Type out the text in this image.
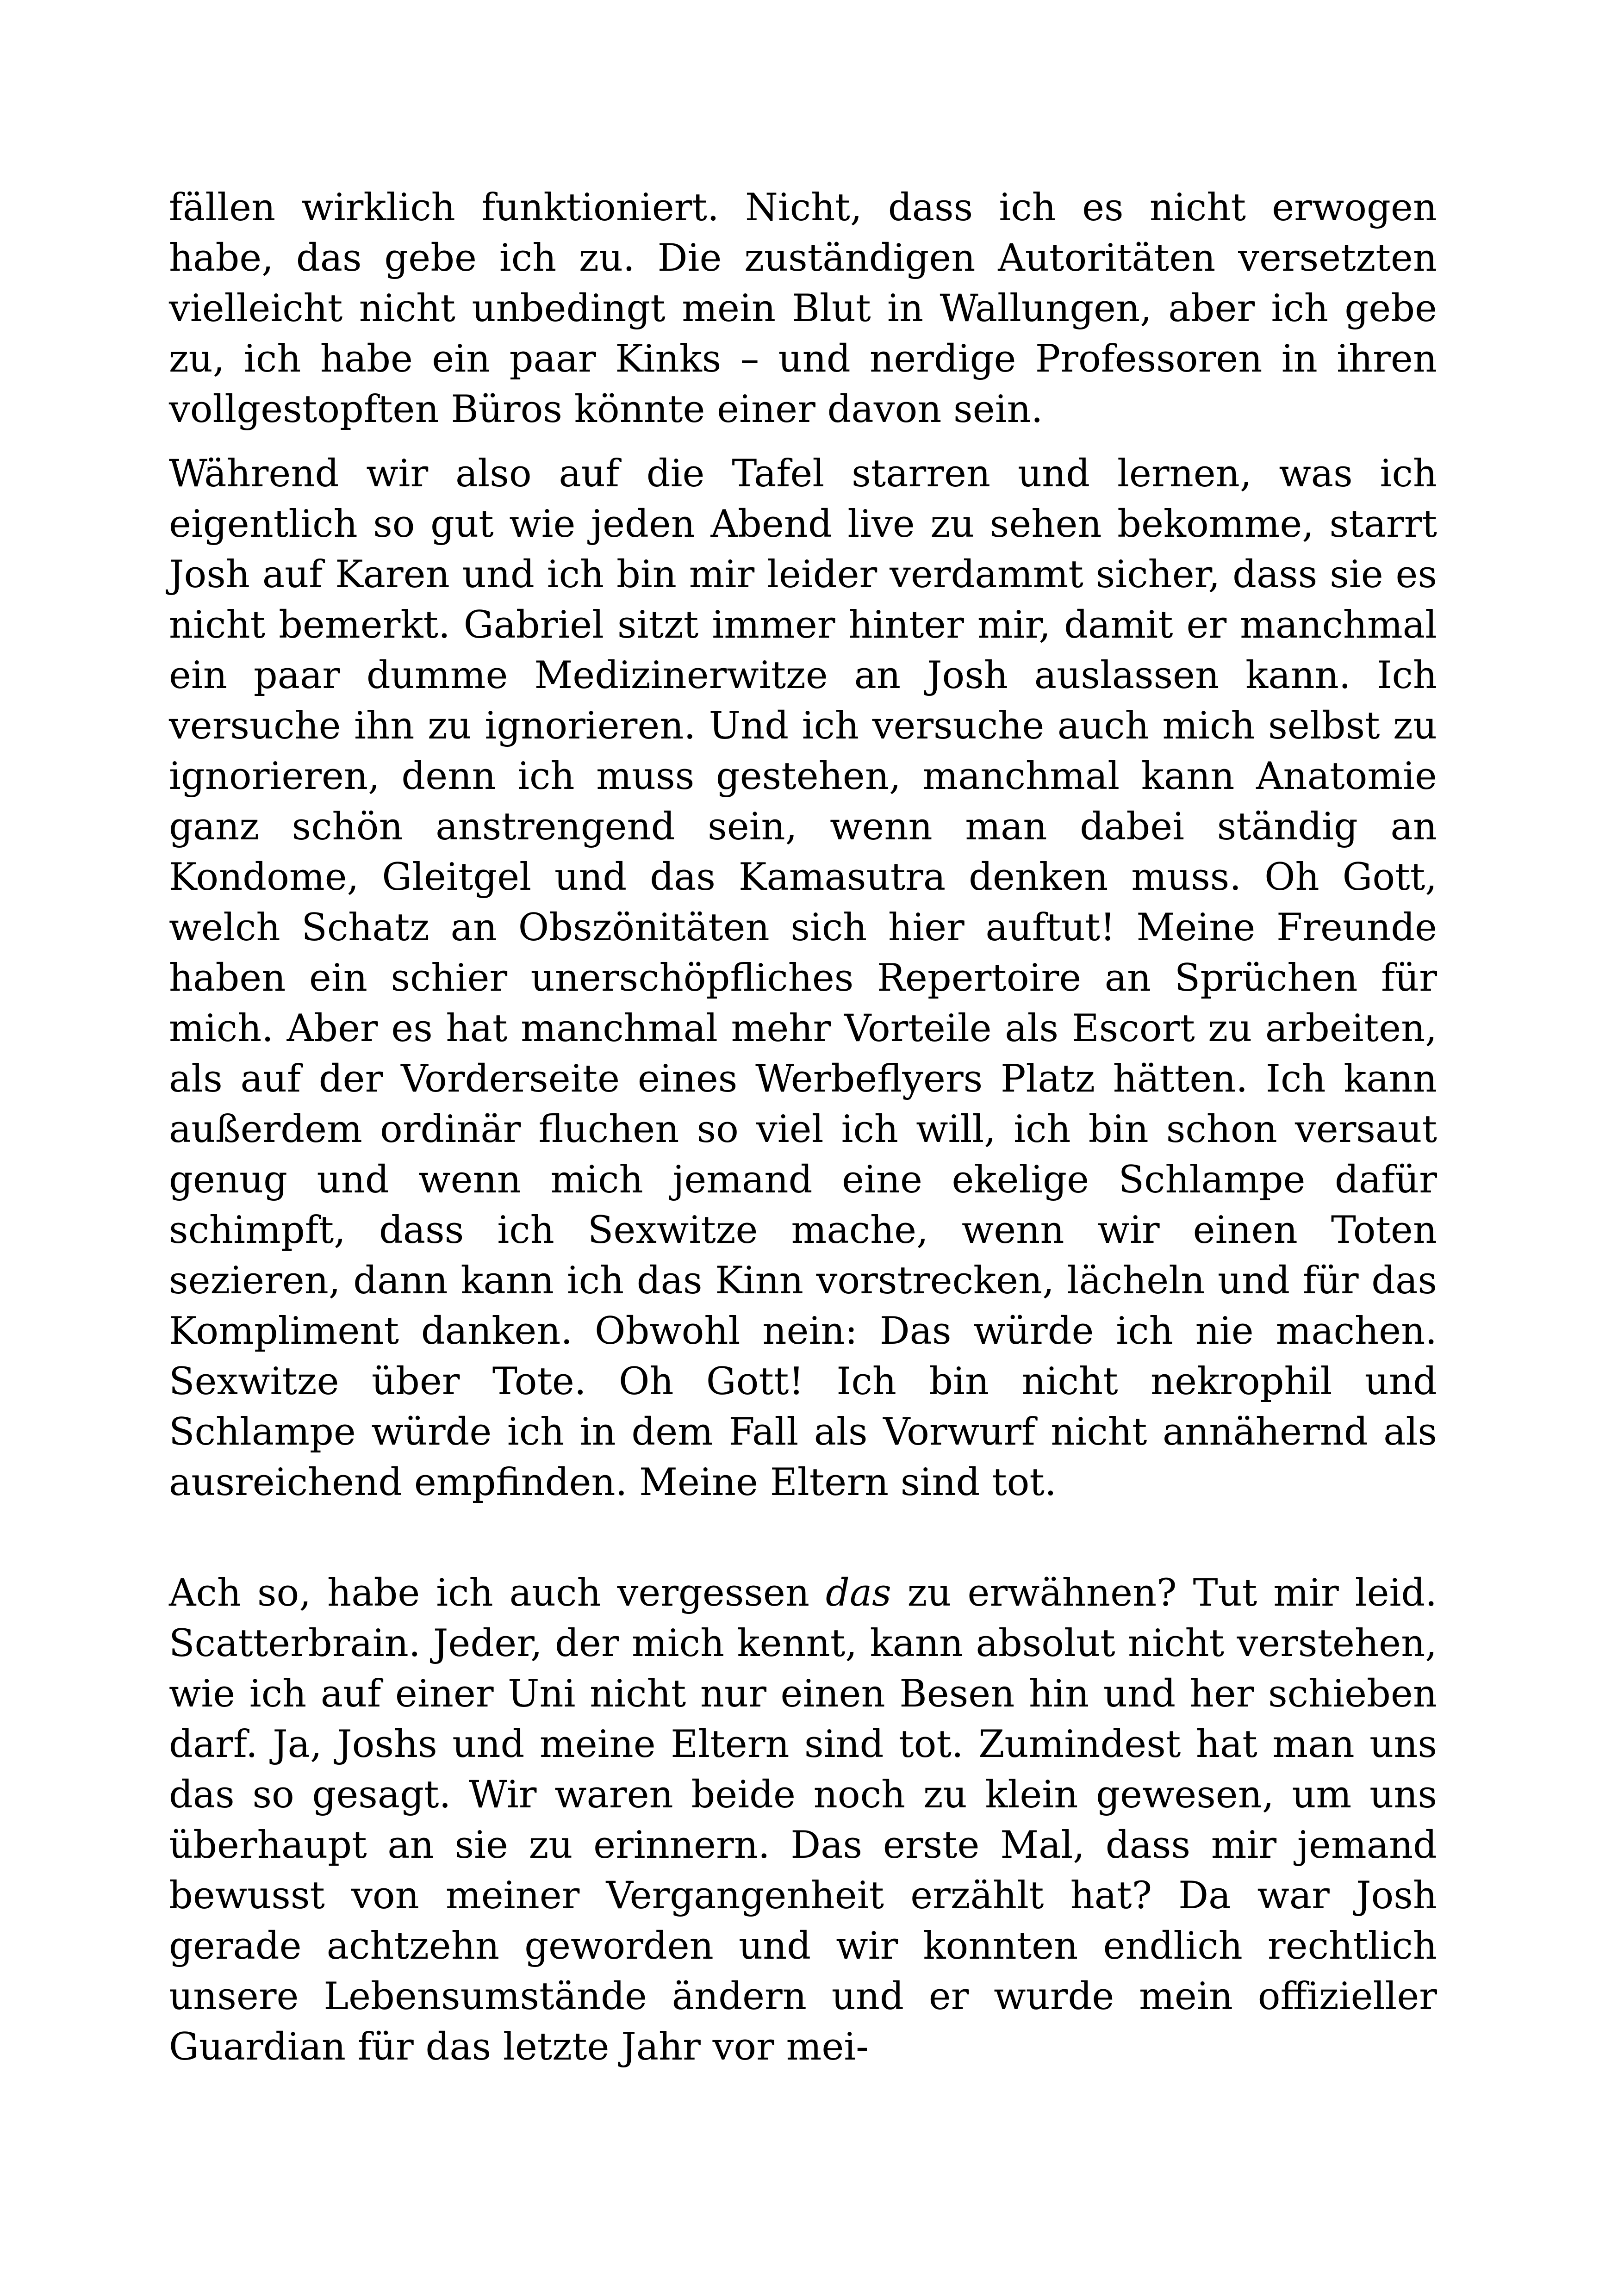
fällen wirklich funktioniert. Nicht, dass ich es nicht erwogen habe, das gebe ich zu. Die zuständigen Autoritäten versetzten vielleicht nicht unbedingt mein Blut in Wallungen, aber ich gebe zu, ich habe ein paar Kinks – und nerdige Professoren in ihren vollgestopften Büros könnte einer davon sein.

Während wir also auf die Tafel starren und lernen, was ich eigentlich so gut wie jeden Abend live zu sehen bekomme, starrt Josh auf Karen und ich bin mir leider verdammt sicher, dass sie es nicht bemerkt. Gabriel sitzt immer hinter mir, damit er manchmal ein paar dumme Medizinerwitze an Josh auslassen kann. Ich versuche ihn zu ignorieren. Und ich versuche auch mich selbst zu ignorieren, denn ich muss gestehen, manchmal kann Anatomie ganz schön anstrengend sein, wenn man dabei ständig an Kondome, Gleitgel und das Kamasutra denken muss. Oh Gott, welch Schatz an Obszönitäten sich hier auftut! Meine Freunde haben ein schier unerschöpfliches Repertoire an Sprüchen für mich. Aber es hat manchmal mehr Vorteile als Escort zu arbeiten, als auf der Vorderseite eines Werbeflyers Platz hätten. Ich kann außerdem ordinär fluchen so viel ich will, ich bin schon versaut genug und wenn mich jemand eine ekelige Schlampe dafür schimpft, dass ich Sexwitze mache, wenn wir einen Toten sezieren, dann kann ich das Kinn vorstrecken, lächeln und für das Kompliment danken. Obwohl nein: Das würde ich nie machen. Sexwitze über Tote. Oh Gott! Ich bin nicht nekrophil und Schlampe würde ich in dem Fall als Vorwurf nicht annähernd als ausreichend empfinden. Meine Eltern sind tot.

Ach so, habe ich auch vergessen das zu erwähnen? Tut mir leid. Scatterbrain. Jeder, der mich kennt, kann absolut nicht verstehen, wie ich auf einer Uni nicht nur einen Besen hin und her schieben darf. Ja, Joshs und meine Eltern sind tot. Zumindest hat man uns das so gesagt. Wir waren beide noch zu klein gewesen, um uns überhaupt an sie zu erinnern. Das erste Mal, dass mir jemand bewusst von meiner Vergangenheit erzählt hat? Da war Josh gerade achtzehn geworden und wir konnten endlich rechtlich unsere Lebensumstände ändern und er wurde mein offizieller Guardian für das letzte Jahr vor mei-
